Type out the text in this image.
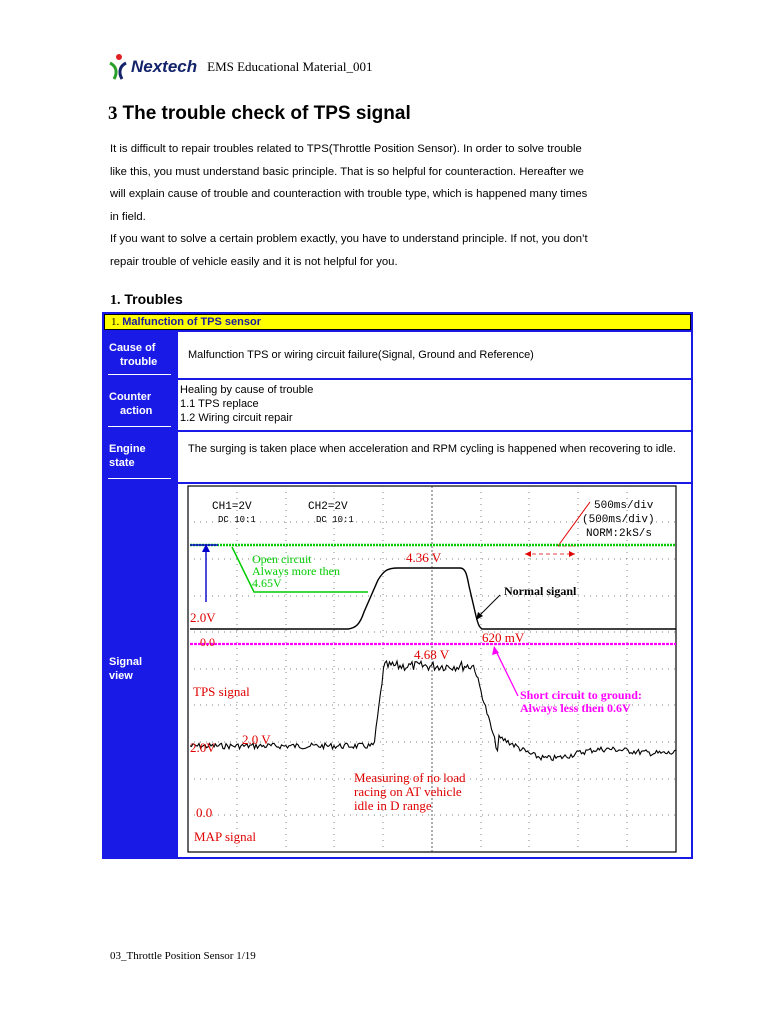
Nextech EMS Educational Material_001
3 The trouble check of TPS signal

It is difficult to repair troubles related to TPS(Throttle Position Sensor). In order to solve trouble

like this, you must understand basic principle. That is so helpful for counteraction. Hereafter we

will explain cause of trouble and counteraction with trouble type, which is happened many times

in field.

If you want to solve a certain problem exactly, you have to understand principle. If not, you don’t

repair trouble of vehicle easily and it is not helpful for you.

1. Troubles
1. Malfunction of TPS sensor
Cause of
trouble
Malfunction TPS or wiring circuit failure(Signal, Ground and Reference)
Counter
action
Healing by cause of trouble
1.1 TPS replace
1.2 Wiring circuit repair
Engine
state
The surging is taken place when acceleration and RPM cycling is happened when recovering to idle.
Signal
view
CH1=2V
DC 10:1
CH2=2V
DC 10:1
500ms/div
(500ms/div)
NORM:2kS/s
Open circuit
Always more then
4.65V
4.36 V
2.0V
620 mV
0.0
Normal siganl
4.68 V
TPS signal	Short circuit to ground:
Always less then 0.6V
2.0V
2.0 V
Measuring of no load
racing on AT vehicle
idle in D range
0.0
MAP signal
03_Throttle Position Sensor 1/19
